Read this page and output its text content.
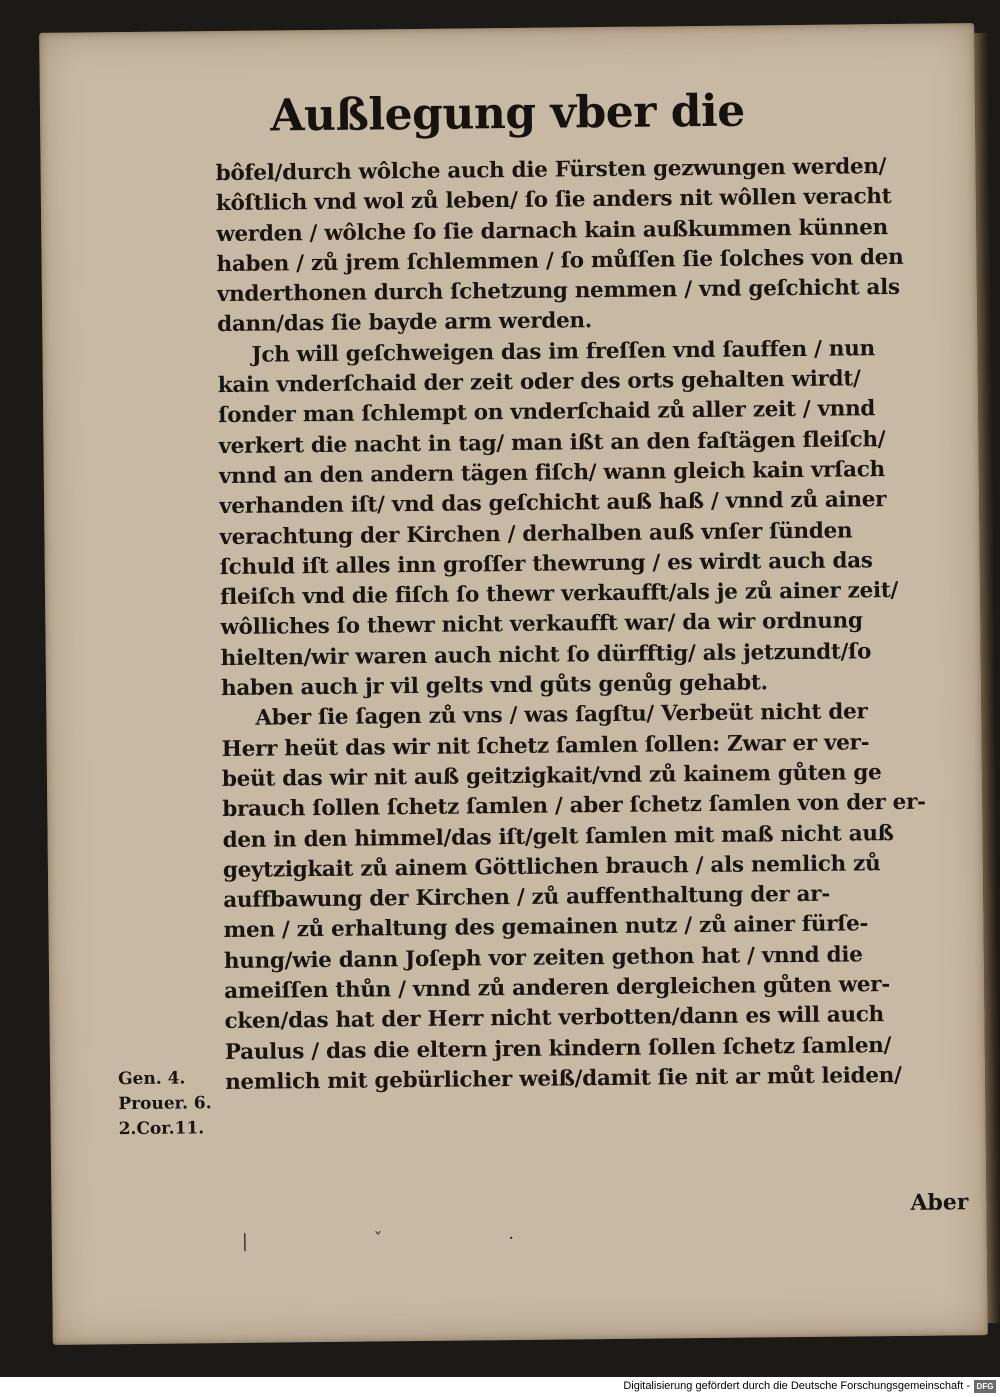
Außlegung vber die
bôfel/durch wôlche auch die Fürsten gezwungen werden/
kôſtlich vnd wol zů leben/ ſo ſie anders nit wôllen veracht
werden / wôlche ſo ſie darnach kain außkummen künnen
haben / zů jrem ſchlemmen / ſo můſſen ſie ſolches von den
vnderthonen durch ſchetzung nemmen / vnd geſchicht als
dann/das ſie bayde arm werden.
Jch will geſchweigen das im freſſen vnd ſauffen / nun
kain vnderſchaid der zeit oder des orts gehalten wirdt/
ſonder man ſchlempt on vnderſchaid zů aller zeit / vnnd
verkert die nacht in tag/ man ißt an den faſtägen fleiſch/
vnnd an den andern tägen fiſch/ wann gleich kain vrſach
verhanden iſt/ vnd das geſchicht auß haß / vnnd zů ainer
verachtung der Kirchen / derhalben auß vnſer ſünden
ſchuld iſt alles inn groſſer thewrung / es wirdt auch das
fleiſch vnd die fiſch ſo thewr verkaufft/als je zů ainer zeit/
wôlliches ſo thewr nicht verkaufft war/ da wir ordnung
hielten/wir waren auch nicht ſo dürfftig/ als jetzundt/ſo
haben auch jr vil gelts vnd gůts genůg gehabt.
Aber ſie ſagen zů vns / was ſagſtu/ Verbeüt nicht der
Herr heüt das wir nit ſchetz ſamlen ſollen: Zwar er ver-
beüt das wir nit auß geitzigkait/vnd zů kainem gůten ge
brauch ſollen ſchetz ſamlen / aber ſchetz ſamlen von der er-
den in den himmel/das iſt/gelt ſamlen mit maß nicht auß
geytzigkait zů ainem Göttlichen brauch / als nemlich zů
auffbawung der Kirchen / zů auffenthaltung der ar-
men / zů erhaltung des gemainen nutz / zů ainer fürſe-
hung/wie dann Joſeph vor zeiten gethon hat / vnnd die
ameiſſen thůn / vnnd zů anderen dergleichen gůten wer-
cken/das hat der Herr nicht verbotten/dann es will auch
Paulus / das die eltern jren kindern ſollen ſchetz ſamlen/
nemlich mit gebürlicher weiß/damit ſie nit ar můt leiden/
Gen. 4.
Prouer. 6.
2.Cor.11.
Aber
| ˇ ·
Digitalisierung gefördert durch die Deutsche Forschungsgemeinschaft - DFG
